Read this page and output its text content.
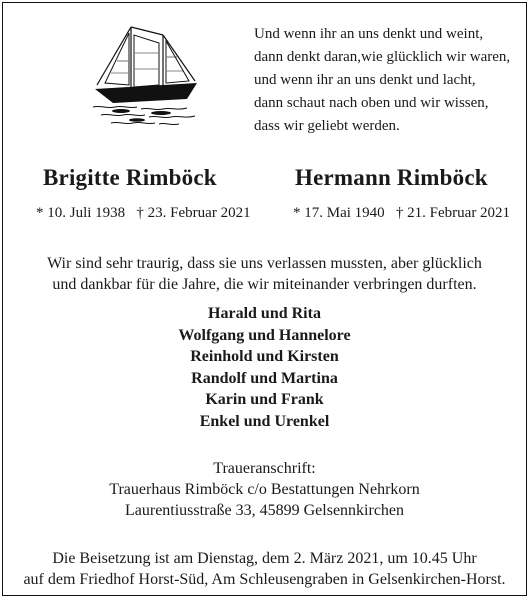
Und wenn ihr an uns denkt und weint,
dann denkt daran,wie glücklich wir waren,
und wenn ihr an uns denkt und lacht,
dann schaut nach oben und wir wissen,
dass wir geliebt werden.
Brigitte Rimböck	Hermann Rimböck
* 10. Juli 1938   † 23. Februar 2021	* 17. Mai 1940   † 21. Februar 2021
Wir sind sehr traurig, dass sie uns verlassen mussten, aber glücklich
und dankbar für die Jahre, die wir miteinander verbringen durften.
Harald und Rita
Wolfgang und Hannelore
Reinhold und Kirsten
Randolf und Martina
Karin und Frank
Enkel und Urenkel
Traueranschrift:
Trauerhaus Rimböck c/o Bestattungen Nehrkorn
Laurentiusstraße 33, 45899 Gelsennkirchen
Die Beisetzung ist am Dienstag, dem 2. März 2021, um 10.45 Uhr
auf dem Friedhof Horst-Süd, Am Schleusengraben in Gelsenkirchen-Horst.
